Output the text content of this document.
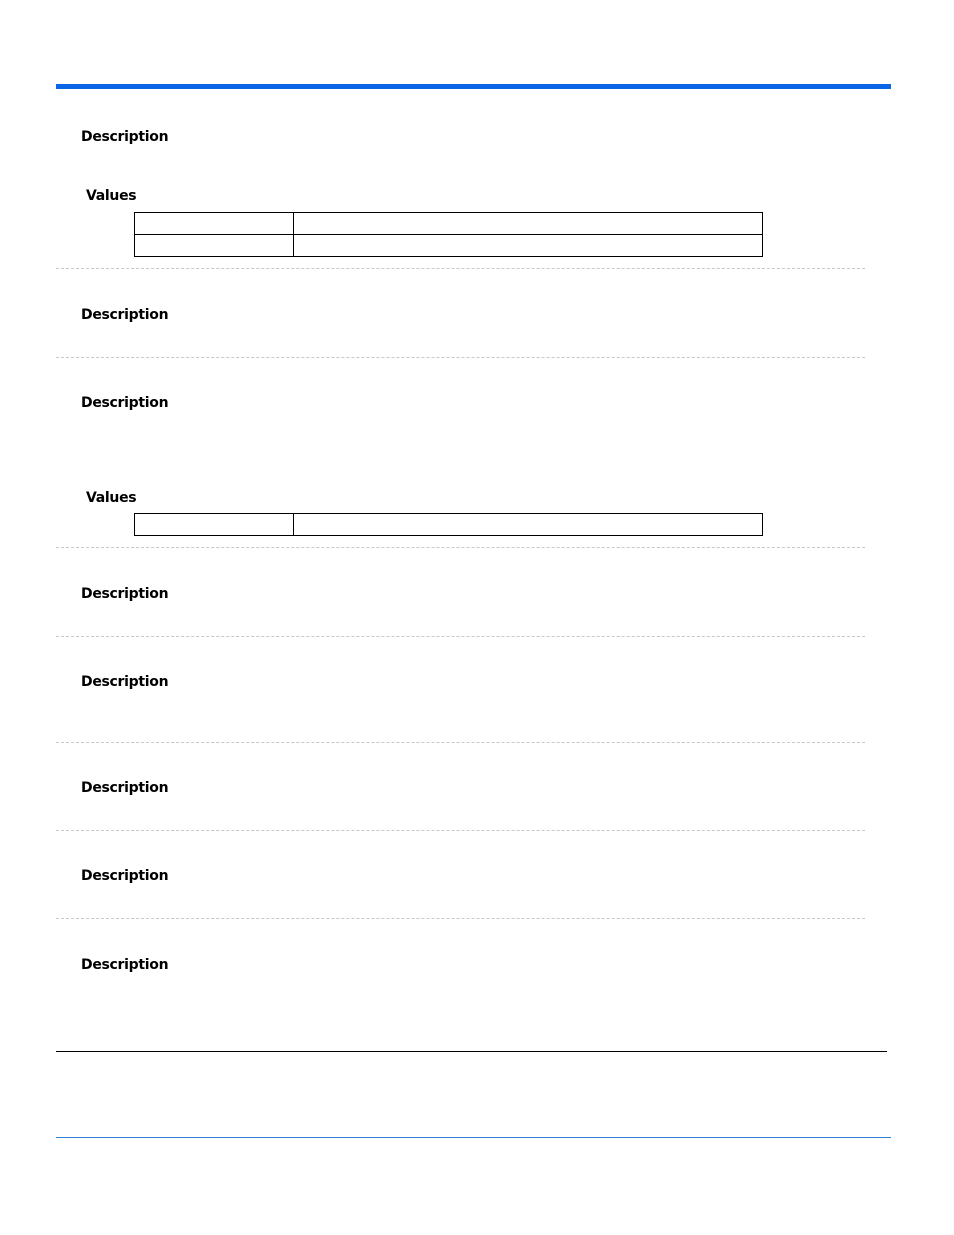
Description
Values

Description
Description
Values

Description
Description
Description
Description
Description
